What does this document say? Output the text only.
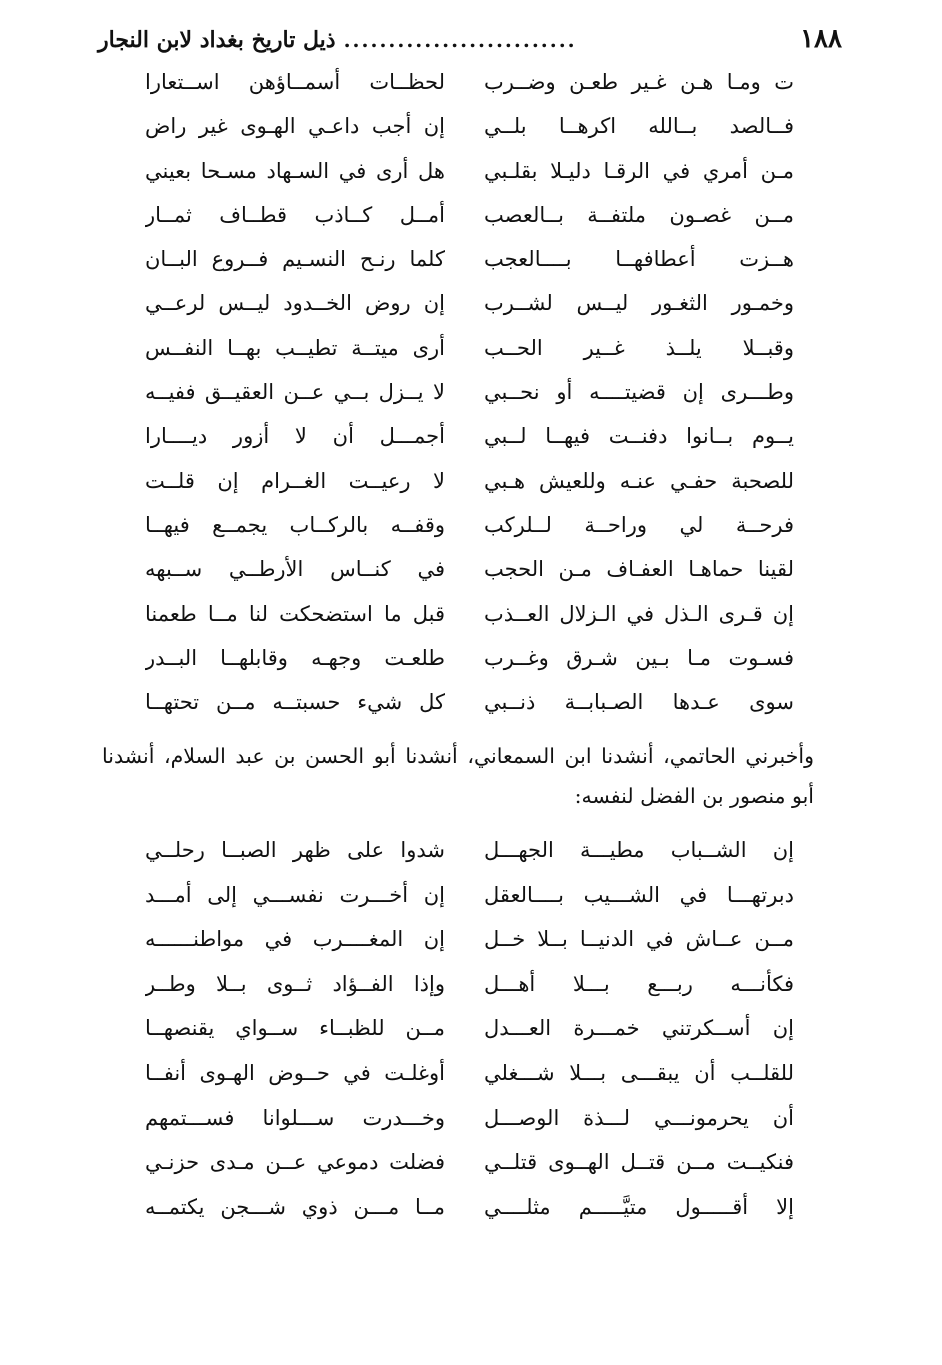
١٨٨
..........................
ذيل تاريخ بغداد لابن النجار
لحظــات أسمــاؤهن اســتعارا ت ومـا هـن غـير طعـن وضــرب
إن أجب داعـي الهـوى غير راض فــالصد بــالله اكرهــا بلــي
هل أرى في السـهاد مسـحا بعيني مـن أمري في الرقـا دليـلا بقلـبي
أمــل كــاذب قطــاف ثمــار مــن غصـون ملتفــة بــالعصب
كلما رنـح النسـيم فــروع البــان هــزت أعطافهــا بــــالعجب
إن روض الخــدود ليــس لرعــي وخمـور الثغـور ليــس لشــرب
أرى ميتــة تطيــب بهــا النفــس وقبــلا يلــذ غــير الحــب
لا يــزل بــي عــن العقيــق ففيــه وطـــرى إن قضيتــــه أو نحــبي
أجمـــل أن لا أزور ديــــارا يــوم بــانوا دفنــت فيهــا لــبي
لا رعيــت الغــرام إن قلــت للصحبة حفـي عنـه وللعيش هـبي
وقفــه بالركــاب يجمــع فيهــا فرحــة لي وراحــة لــلركب
في كنــاس الأرطــي ســبهه لقينا حماهـا العفـاف مـن الحجب
قبل ما استضحكت لنا مــا طعمنا إن قـرى الـذل في الـزلال العــذب
طلعـت وجهـه وقابلهــا البــدر فسـوت مـا بـين شـرق وغــرب
كل شيء حسبتــه مــن تحتهــا سوى عـدها الصـبابــة ذنــبي

وأخبرني الحاتمي، أنشدنا ابن السمعاني، أنشدنا أبو الحسن بن عبد السلام، أنشدنا

أبو منصور بن الفضل لنفسه:

شدوا على ظهر الصبــا رحلــي إن الشــباب مطيـــة الجهـــل
إن أخـــرت نفســـي إلى أمـــد دبرتهـــا في الشـــيب بــــالعقل
إن المغــــرب في مواطنــــــه مــن عــاش في الدنيــا بــلا خــل
وإذا الفــؤاد ثــوى بــلا وطــر فكأنـــه ربـــع بـــلا أهـــل
مــن للظبــاء ســواي يقنصهــا إن أســكرتني خمـــرة العـــدل
أوغلـت في حــوض الهـوى أنفــا للقلــب أن يبقـــى بـــلا شـــغلي
وخـــدرت ســـلوانا فســـتمهم أن يحرمونـــي لـــذة الوصـــل
فضلت دموعي عــن مـدى حزنـي فنكيــت مــن قتــل الهــوى قتلــي
مــا مـــن ذوي شـــجن يكتمــه إلا أقـــــول متيَّـــــم مثلــــي
